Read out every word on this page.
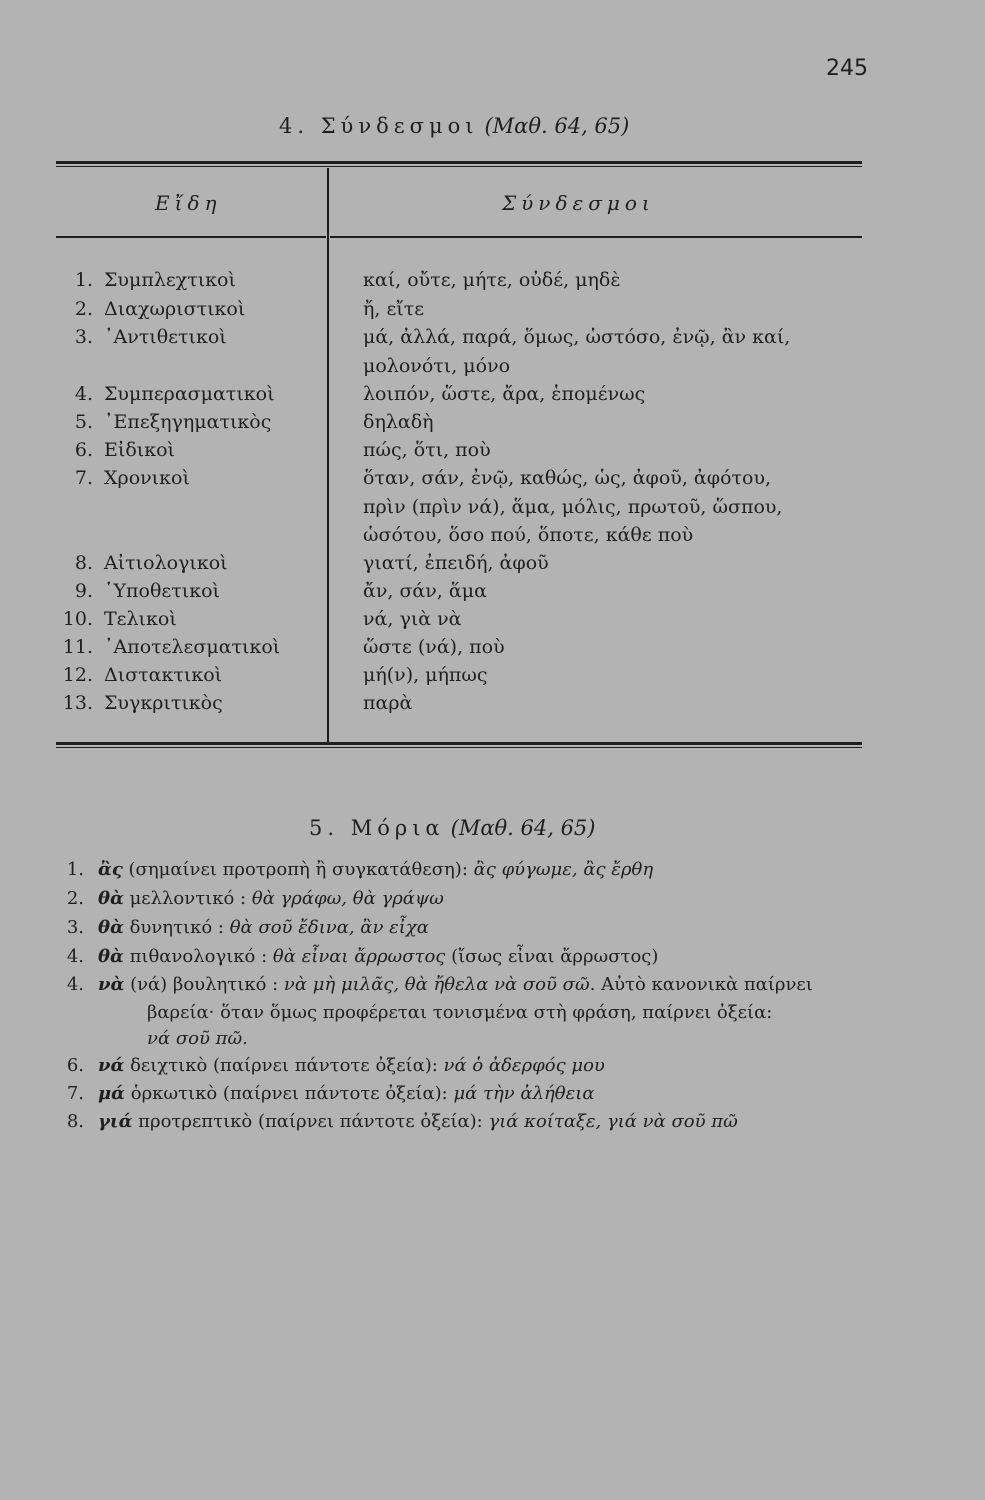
245
4. Σύνδεσμοι (Μαθ. 64, 65)
Εἴδη	Σύνδεσμοι
1. Συμπλεχτικοὶ	καί, οὔτε, μήτε, οὐδέ, μηδὲ
2. Διαχωριστικοὶ	ἤ, εἴτε
3. ᾿Αντιθετικοὶ	μά, ἀλλά, παρά, ὅμως, ὡστόσο, ἐνῷ, ἂν καί,
μολονότι, μόνο
4. Συμπερασματικοὶ	λοιπόν, ὥστε, ἄρα, ἑπομένως
5. ᾿Επεξηγηματικὸς	δηλαδὴ
6. Εἰδικοὶ	πώς, ὅτι, ποὺ
7. Χρονικοὶ	ὅταν, σάν, ἐνῷ, καθώς, ὡς, ἀφοῦ, ἀφότου,
πρὶν (πρὶν νά), ἅμα, μόλις, πρωτοῦ, ὥσπου,
ὡσότου, ὅσο πού, ὅποτε, κάθε ποὺ
8. Αἰτιολογικοὶ	γιατί, ἐπειδή, ἀφοῦ
9. ῾Υποθετικοὶ	ἄν, σάν, ἅμα
10. Τελικοὶ	νά, γιὰ νὰ
11. ᾿Αποτελεσματικοὶ	ὥστε (νά), ποὺ
12. Διστακτικοὶ	μή(ν), μήπως
13. Συγκριτικὸς	παρὰ
5. Μόρια (Μαθ. 64, 65)
1. ἂς (σημαίνει προτροπὴ ἢ συγκατάθεση): ἂς φύγωμε, ἂς ἔρθη
2. θὰ μελλοντικό : θὰ γράφω, θὰ γράψω
3. θὰ δυνητικό : θὰ σοῦ ἔδινα, ἂν εἶχα
4. θὰ πιθανολογικό : θὰ εἶναι ἄρρωστος (ἴσως εἶναι ἄρρωστος)
4. νὰ (νά) βουλητικό : νὰ μὴ μιλᾶς, θὰ ἤθελα νὰ σοῦ σῶ. Αὐτὸ κανονικὰ παίρνει
βαρεία· ὅταν ὅμως προφέρεται τονισμένα στὴ φράση, παίρνει ὀξεία:
νά σοῦ πῶ.
6. νά δειχτικὸ (παίρνει πάντοτε ὀξεία): νά ὁ ἀδερφός μου
7. μά ὁρκωτικὸ (παίρνει πάντοτε ὀξεία): μά τὴν ἀλήθεια
8. γιά προτρεπτικὸ (παίρνει πάντοτε ὀξεία): γιά κοίταξε, γιά νὰ σοῦ πῶ
